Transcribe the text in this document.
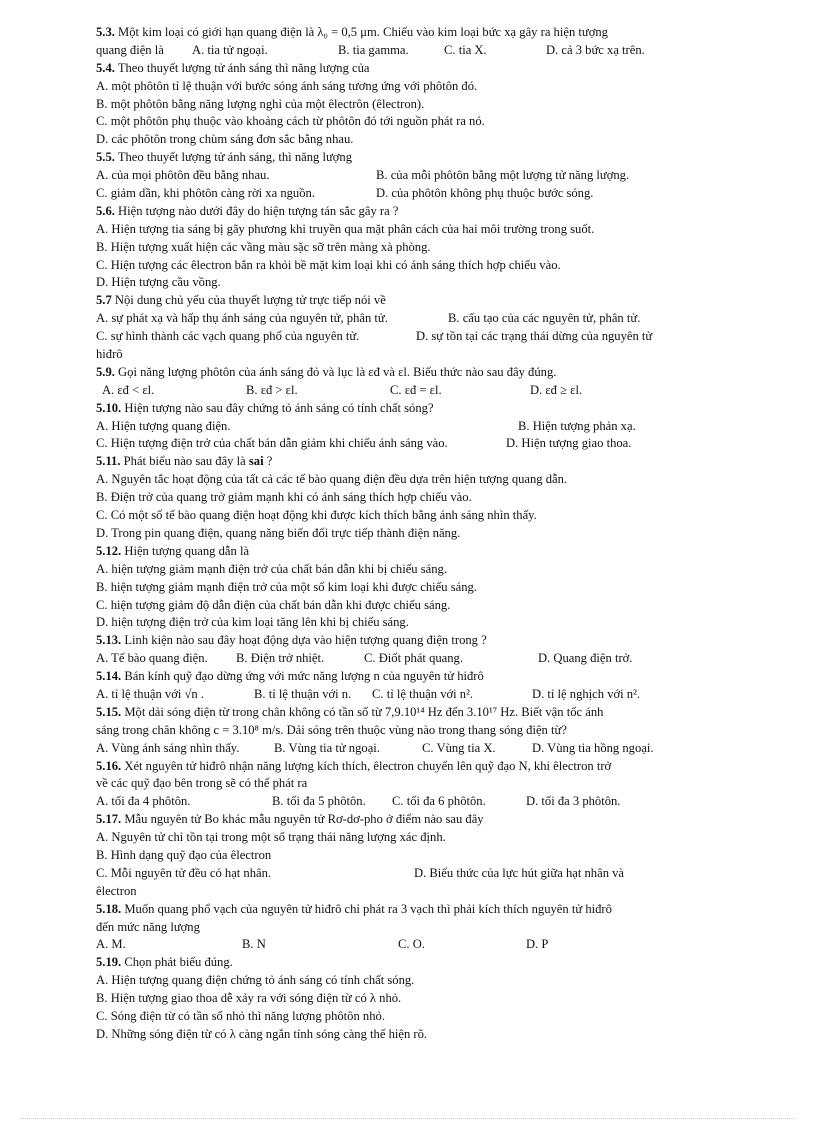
5.3. Một kim loại có giới hạn quang điện là λ₀ = 0,5 μm. Chiếu vào kim loại bức xạ gây ra hiện tượng
quang điện là	A. tia tử ngoại.	B. tia gamma.	C. tia X.	D. cả 3 bức xạ trên.
5.4. Theo thuyết lượng tử ánh sáng thì năng lượng của
A. một phôtôn tỉ lệ thuận với bước sóng ánh sáng tương ứng với phôtôn đó.
B. một phôtôn bằng năng lượng nghỉ của một êlectrôn (êlectron).
C. một phôtôn phụ thuộc vào khoảng cách từ phôtôn đó tới nguồn phát ra nó.
D. các phôtôn trong chùm sáng đơn sắc bằng nhau.
5.5. Theo thuyết lượng tử ánh sáng, thì năng lượng
A. của mọi phôtôn đều bằng nhau.	B. của mỗi phôtôn bằng một lượng tử năng lượng.
C. giảm dần, khi phôtôn càng rời xa nguồn.	D. của phôtôn không phụ thuộc bước sóng.
5.6. Hiện tượng nào dưới đây do hiện tượng tán sắc gây ra ?
A. Hiện tượng tia sáng bị gãy phương khi truyền qua mặt phân cách của hai môi trường trong suốt.
B. Hiện tượng xuất hiện các vầng màu sặc sỡ trên màng xà phòng.
C. Hiện tượng các êlectron bắn ra khỏi bề mặt kim loại khi có ánh sáng thích hợp chiếu vào.
D. Hiện tượng cầu vồng.
5.7 Nội dung chủ yếu của thuyết lượng tử trực tiếp nói về
A. sự phát xạ và hấp thụ ánh sáng của nguyên tử, phân tử.	B. cấu tạo của các nguyên tử, phân tử.
C. sự hình thành các vạch quang phổ của nguyên tử.	D. sự tồn tại các trạng thái dừng của nguyên tử
hiđrô
5.9. Gọi năng lượng phôtôn của ánh sáng đỏ và lục là εđ và εl. Biểu thức nào sau đây đúng.
A. εđ < εl.	B. εđ > εl.	C. εđ = εl.	D. εđ ≥ εl.
5.10. Hiện tượng nào sau đây chứng tỏ ánh sáng có tính chất sóng?
A. Hiện tượng quang điện.	B. Hiện tượng phản xạ.
C. Hiện tượng điện trở của chất bán dẫn giảm khi chiếu ánh sáng vào.	D. Hiện tượng giao thoa.
5.11. Phát biểu nào sau đây là sai ?
A. Nguyên tắc hoạt động của tất cả các tế bào quang điện đều dựa trên hiện tượng quang dẫn.
B. Điện trở của quang trở giảm mạnh khi có ánh sáng thích hợp chiếu vào.
C. Có một số tế bào quang điện hoạt động khi được kích thích bằng ánh sáng nhìn thấy.
D. Trong pin quang điện, quang năng biến đổi trực tiếp thành điện năng.
5.12. Hiện tượng quang dẫn là
A. hiện tượng giảm mạnh điện trở của chất bán dẫn khi bị chiếu sáng.
B. hiện tượng giảm mạnh điện trở của một số kim loại khi được chiếu sáng.
C. hiện tượng giảm độ dẫn điện của chất bán dẫn khi được chiếu sáng.
D. hiện tượng điện trở của kim loại tăng lên khi bị chiếu sáng.
5.13. Linh kiện nào sau đây hoạt động dựa vào hiện tượng quang điện trong ?
A. Tế bào quang điện.	B. Điện trở nhiệt.	C. Điốt phát quang.	D. Quang điện trở.
5.14. Bán kính quỹ đạo dừng ứng với mức năng lượng n của nguyên tử hiđrô
A. tỉ lệ thuận với √n .	B. tỉ lệ thuận với n.	C. tỉ lệ thuận với n².	D. tỉ lệ nghịch với n².
5.15. Một dải sóng điện từ trong chân không có tần số từ 7,9.10¹⁴ Hz đến 3.10¹⁷ Hz. Biết vận tốc ánh
sáng trong chân không c = 3.10⁸ m/s. Dải sóng trên thuộc vùng nào trong thang sóng điện từ?
A. Vùng ánh sáng nhìn thấy.	B. Vùng tia tử ngoại.	C. Vùng tia X.	D. Vùng tia hồng ngoại.
5.16. Xét nguyên tử hiđrô nhận năng lượng kích thích, êlectron chuyển lên quỹ đạo N, khi êlectron trở
về các quỹ đạo bên trong sẽ có thể phát ra
A. tối đa 4 phôtôn.	B. tối đa 5 phôtôn.	C. tối đa 6 phôtôn.	D. tối đa 3 phôtôn.
5.17. Mẫu nguyên tử Bo khác mẫu nguyên tử Rơ-dơ-pho ở điểm nào sau đây
A. Nguyên tử chỉ tồn tại trong một số trạng thái năng lượng xác định.
B. Hình dạng quỹ đạo của êlectron
C. Mỗi nguyên tử đều có hạt nhân.	D. Biểu thức của lực hút giữa hạt nhân và
êlectron
5.18. Muốn quang phổ vạch của nguyên tử hiđrô chỉ phát ra 3 vạch thì phải kích thích nguyên tử hiđrô
đến mức năng lượng
A. M.	B. N	C. O.	D. P
5.19. Chọn phát biểu đúng.
A. Hiện tượng quang điện chứng tỏ ánh sáng có tính chất sóng.
B. Hiện tượng giao thoa dễ xảy ra với sóng điện từ có λ nhỏ.
C. Sóng điện từ có tần số nhỏ thì năng lượng phôtôn nhỏ.
D. Những sóng điện từ có λ càng ngắn tính sóng càng thể hiện rõ.
